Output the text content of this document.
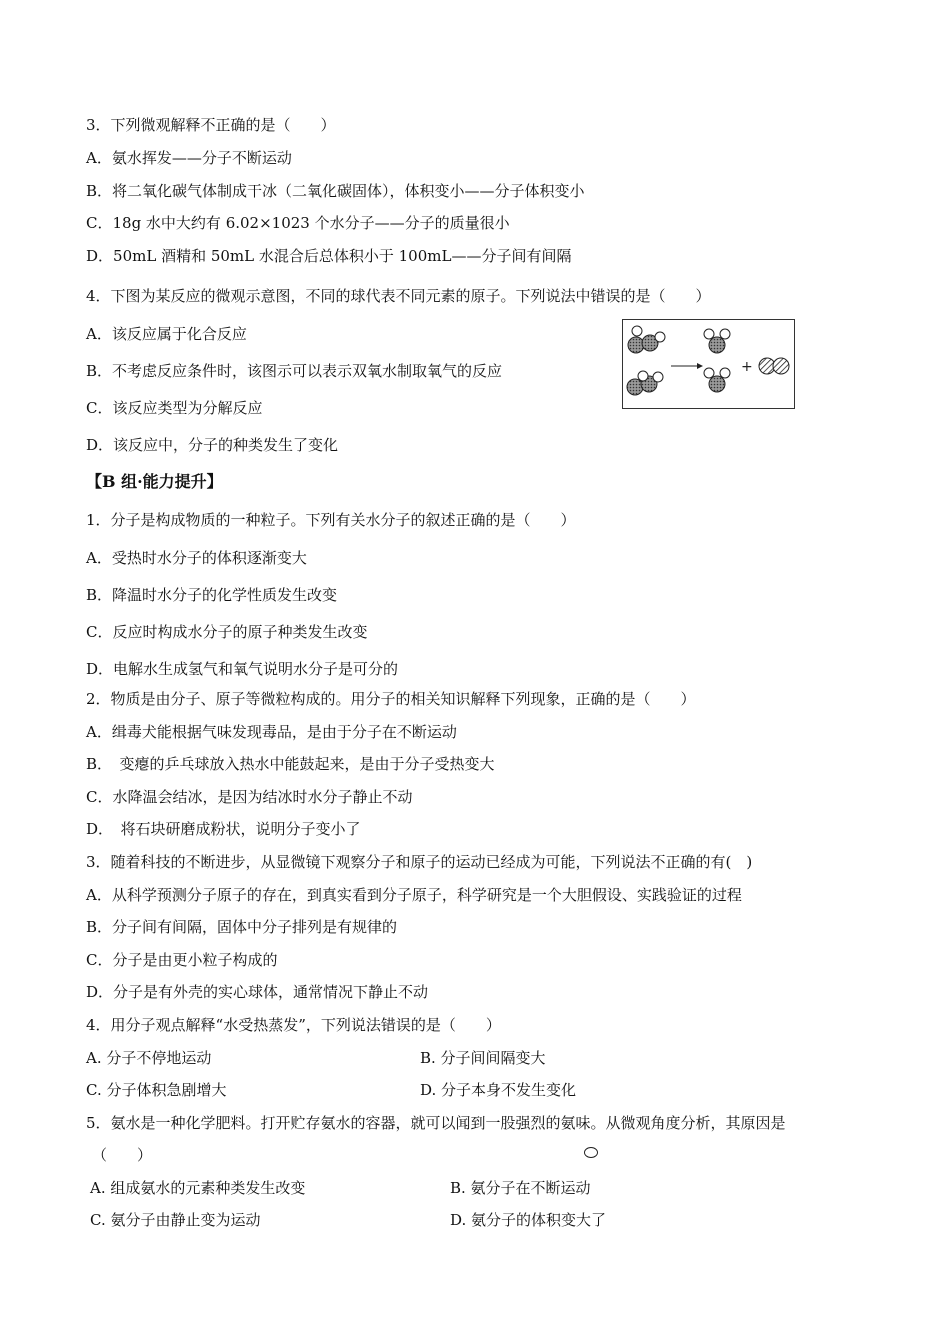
3．下列微观解释不正确的是（　　）
A．氨水挥发——分子不断运动
B．将二氧化碳气体制成干冰（二氧化碳固体），体积变小——分子体积变小
C．18g 水中大约有 6.02×1023 个水分子——分子的质量很小
D．50mL 酒精和 50mL 水混合后总体积小于 100mL——分子间有间隔
4．下图为某反应的微观示意图，不同的球代表不同元素的原子。下列说法中错误的是（　　）
A．该反应属于化合反应
B．不考虑反应条件时，该图示可以表示双氧水制取氧气的反应
C．该反应类型为分解反应
D．该反应中，分子的种类发生了变化
+
【B 组·能力提升】
1．分子是构成物质的一种粒子。下列有关水分子的叙述正确的是（　　）
A．受热时水分子的体积逐渐变大
B．降温时水分子的化学性质发生改变
C．反应时构成水分子的原子种类发生改变
D．电解水生成氢气和氧气说明水分子是可分的
2．物质是由分子、原子等微粒构成的。用分子的相关知识解释下列现象，正确的是（　　）
A．缉毒犬能根据气味发现毒品，是由于分子在不断运动
B．　变瘪的乒乓球放入热水中能鼓起来，是由于分子受热变大
C．水降温会结冰，是因为结冰时水分子静止不动
D．　将石块研磨成粉状，说明分子变小了
3．随着科技的不断进步，从显微镜下观察分子和原子的运动已经成为可能，下列说法不正确的有(　)
A．从科学预测分子原子的存在，到真实看到分子原子，科学研究是一个大胆假设、实践验证的过程
B．分子间有间隔，固体中分子排列是有规律的
C．分子是由更小粒子构成的
D．分子是有外壳的实心球体，通常情况下静止不动
4．用分子观点解释“水受热蒸发”，下列说法错误的是（　　）
A. 分子不停地运动	B. 分子间间隔变大
C. 分子体积急剧增大	D. 分子本身不发生变化
5．氨水是一种化学肥料。打开贮存氨水的容器，就可以闻到一股强烈的氨味。从微观角度分析，其原因是
（　　）
A. 组成氨水的元素种类发生改变	B. 氨分子在不断运动
C. 氨分子由静止变为运动	D. 氨分子的体积变大了
